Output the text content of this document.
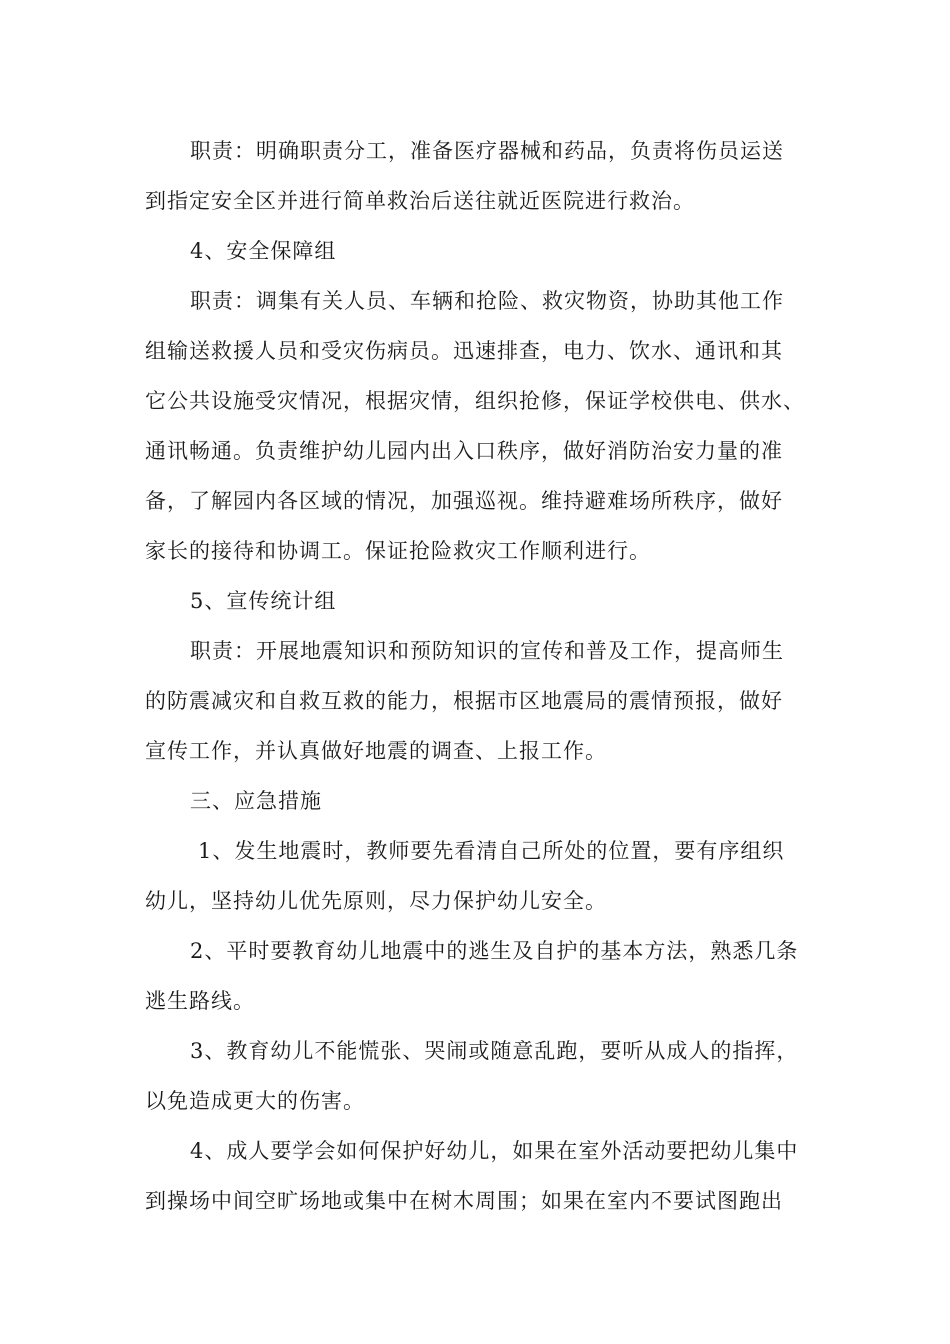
职责：明确职责分工，准备医疗器械和药品，负责将伤员运送
到指定安全区并进行简单救治后送往就近医院进行救治。
4、安全保障组
职责：调集有关人员、车辆和抢险、救灾物资，协助其他工作
组输送救援人员和受灾伤病员。迅速排查，电力、饮水、通讯和其
它公共设施受灾情况，根据灾情，组织抢修，保证学校供电、供水、
通讯畅通。负责维护幼儿园内出入口秩序，做好消防治安力量的准
备，了解园内各区域的情况，加强巡视。维持避难场所秩序，做好
家长的接待和协调工。保证抢险救灾工作顺利进行。
5、宣传统计组
职责：开展地震知识和预防知识的宣传和普及工作，提高师生
的防震减灾和自救互救的能力，根据市区地震局的震情预报，做好
宣传工作，并认真做好地震的调查、上报工作。
三、应急措施
1、发生地震时，教师要先看清自己所处的位置，要有序组织
幼儿，坚持幼儿优先原则，尽力保护幼儿安全。
2、平时要教育幼儿地震中的逃生及自护的基本方法，熟悉几条
逃生路线。
3、教育幼儿不能慌张、哭闹或随意乱跑，要听从成人的指挥，
以免造成更大的伤害。
4、成人要学会如何保护好幼儿，如果在室外活动要把幼儿集中
到操场中间空旷场地或集中在树木周围；如果在室内不要试图跑出
